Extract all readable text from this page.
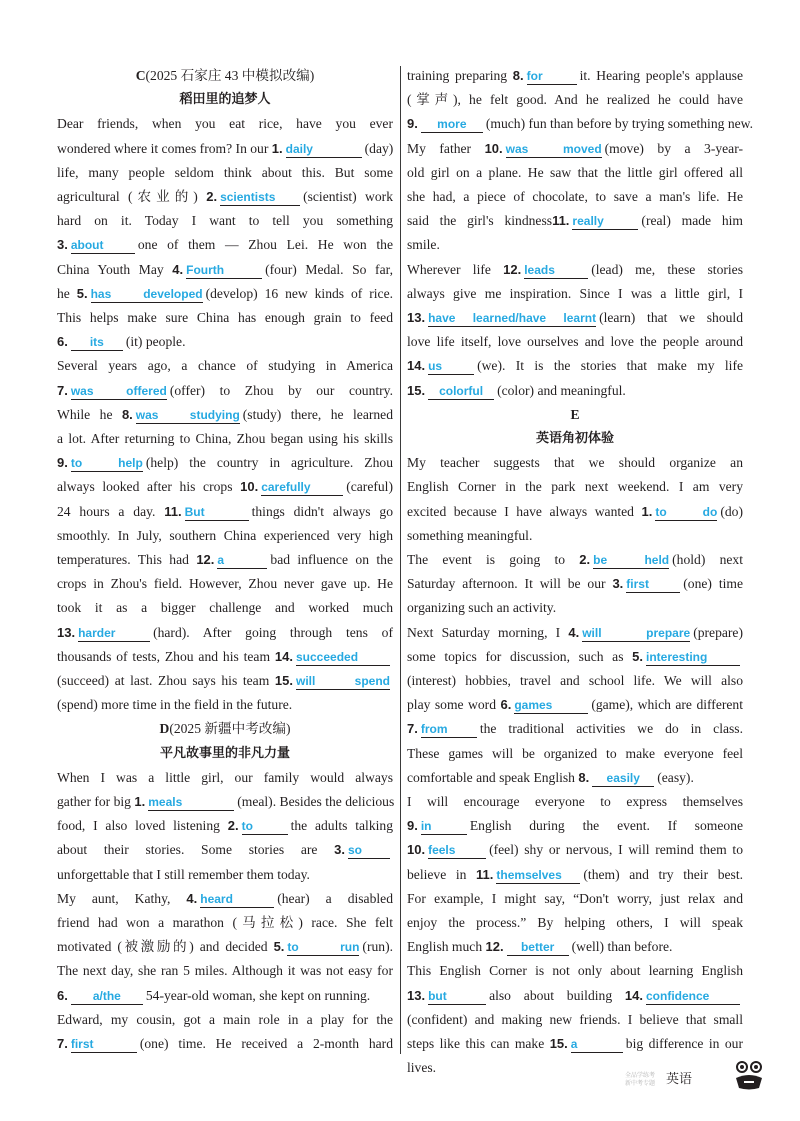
C(2025 石家庄 43 中模拟改编)
稻田里的追梦人
Dear friends, when you eat rice, have you ever
wondered where it comes from? In our 1. daily	(day)
life, many people seldom think about this. But some
agricultural (农业的) 2. scientists (scientist) work
hard on it. Today I want to tell you something
3. about	one of them — Zhou Lei. He won the
China Youth May 4. Fourth	(four) Medal. So far,
he 5. has developed (develop) 16 new kinds of rice.
This helps make sure China has enough grain to feed
6. its (it) people.
Several years ago, a chance of studying in America
7. was offered (offer) to Zhou by our country.
While he 8. was studying (study) there, he learned
a lot. After returning to China, Zhou began using his skills
9. to help (help) the country in agriculture. Zhou
always looked after his crops 10. carefully	(careful)
24 hours a day. 11. But	things didn't always go
smoothly. In July, southern China experienced very high
temperatures. This had 12. a	bad influence on the
crops in Zhou's field. However, Zhou never gave up. He
took it as a bigger challenge and worked much
13. harder	(hard). After going through tens of
thousands of tests, Zhou and his team 14. succeeded
(succeed) at last. Zhou says his team 15. will spend
(spend) more time in the field in the future.
D(2025 新疆中考改编)
平凡故事里的非凡力量
When I was a little girl, our family would always
gather for big 1. meals	(meal). Besides the delicious
food, I also loved listening 2. to	the adults talking
about their stories. Some stories are 3. so
unforgettable that I still remember them today.
My aunt, Kathy, 4. heard	(hear) a disabled
friend had won a marathon (马拉松) race. She felt
motivated (被激励的) and decided 5. to run (run).
The next day, she ran 5 miles. Although it was not easy for
6. a/the 54-year-old woman, she kept on running.
Edward, my cousin, got a main role in a play for the
7. first	(one) time. He received a 2-month hard
training preparing 8. for	it. Hearing people's applause
(掌声), he felt good. And he realized he could have
9. more (much) fun than before by trying something new.
My father 10. was moved (move) by a 3-year-
old girl on a plane. He saw that the little girl offered all
she had, a piece of chocolate, to save a man's life. He
said the girl's kindness11. really	(real) made him
smile.
Wherever life 12. leads	(lead) me, these stories
always give me inspiration. Since I was a little girl, I
13. have learned/have learnt (learn) that we should
love life itself, love ourselves and love the people around
14. us	(we). It is the stories that make my life
15. colorful (color) and meaningful.
E
英语角初体验
My teacher suggests that we should organize an
English Corner in the park next weekend. I am very
excited because I have always wanted 1. to do (do)
something meaningful.
The event is going to 2. be held (hold) next
Saturday afternoon. It will be our 3. first	(one) time
organizing such an activity.
Next Saturday morning, I 4. will prepare (prepare)
some topics for discussion, such as 5. interesting
(interest) hobbies, travel and school life. We will also
play some word 6. games	(game), which are different
7. from the traditional activities we do in class.
These games will be organized to make everyone feel
comfortable and speak English 8. easily (easy).
I will encourage everyone to express themselves
9. in	English during the event. If someone
10. feels (feel) shy or nervous, I will remind them to
believe in 11. themselves (them) and try their best.
For example, I might say, “Don't worry, just relax and
enjoy the process.” By helping others, I will speak
English much 12. better (well) than before.
This English Corner is not only about learning English
13. but	also about building 14. confidence
(confident) and making new friends. I believe that small
steps like this can make 15. a	big difference in our
lives.
全品学练考
新中考专题 英语
